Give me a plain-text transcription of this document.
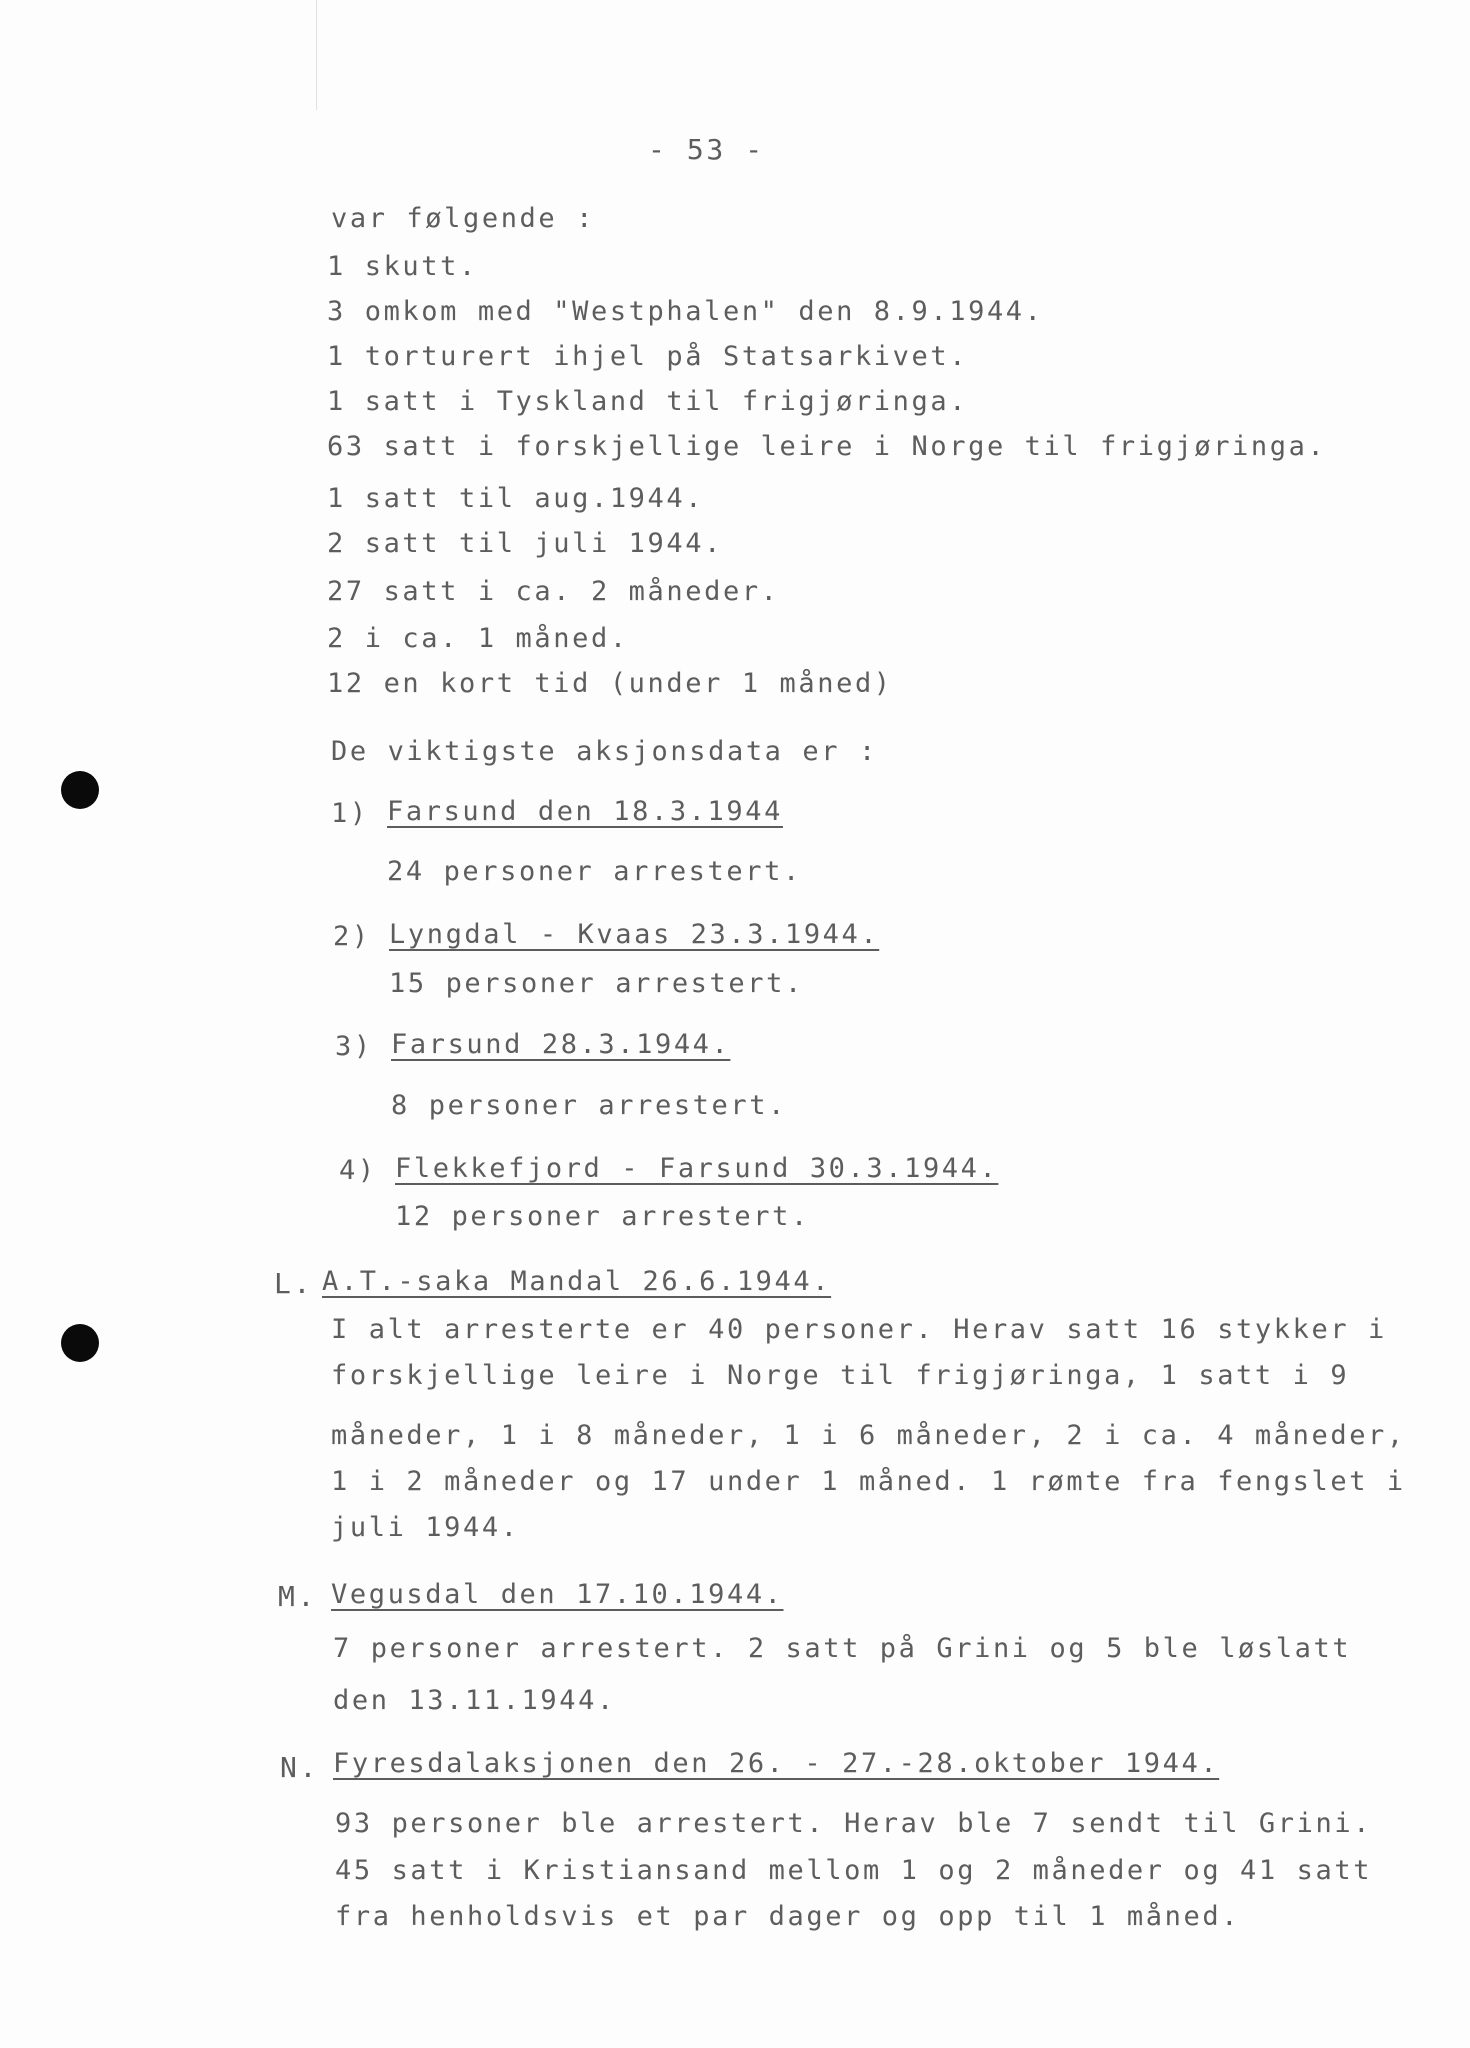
- 53 -
var følgende :
1 skutt.
3 omkom med "Westphalen" den 8.9.1944.
1 torturert ihjel på Statsarkivet.
1 satt i Tyskland til frigjøringa.
63 satt i forskjellige leire i Norge til frigjøringa.
1 satt til aug.1944.
2 satt til juli 1944.
27 satt i ca. 2 måneder.
2 i ca. 1 måned.
12 en kort tid (under 1 måned)
De viktigste aksjonsdata er :
1) Farsund den 18.3.1944
24 personer arrestert.
2) Lyngdal - Kvaas 23.3.1944.
15 personer arrestert.
3) Farsund 28.3.1944.
8 personer arrestert.
4) Flekkefjord - Farsund 30.3.1944.
12 personer arrestert.
L. A.T.-saka Mandal 26.6.1944.
I alt arresterte er 40 personer. Herav satt 16 stykker i
forskjellige leire i Norge til frigjøringa, 1 satt i 9
måneder, 1 i 8 måneder, 1 i 6 måneder, 2 i ca. 4 måneder,
1 i 2 måneder og 17 under 1 måned. 1 rømte fra fengslet i
juli 1944.
M. Vegusdal den 17.10.1944.
7 personer arrestert. 2 satt på Grini og 5 ble løslatt
den 13.11.1944.
N. Fyresdalaksjonen den 26. - 27.-28.oktober 1944.
93 personer ble arrestert. Herav ble 7 sendt til Grini.
45 satt i Kristiansand mellom 1 og 2 måneder og 41 satt
fra henholdsvis et par dager og opp til 1 måned.
